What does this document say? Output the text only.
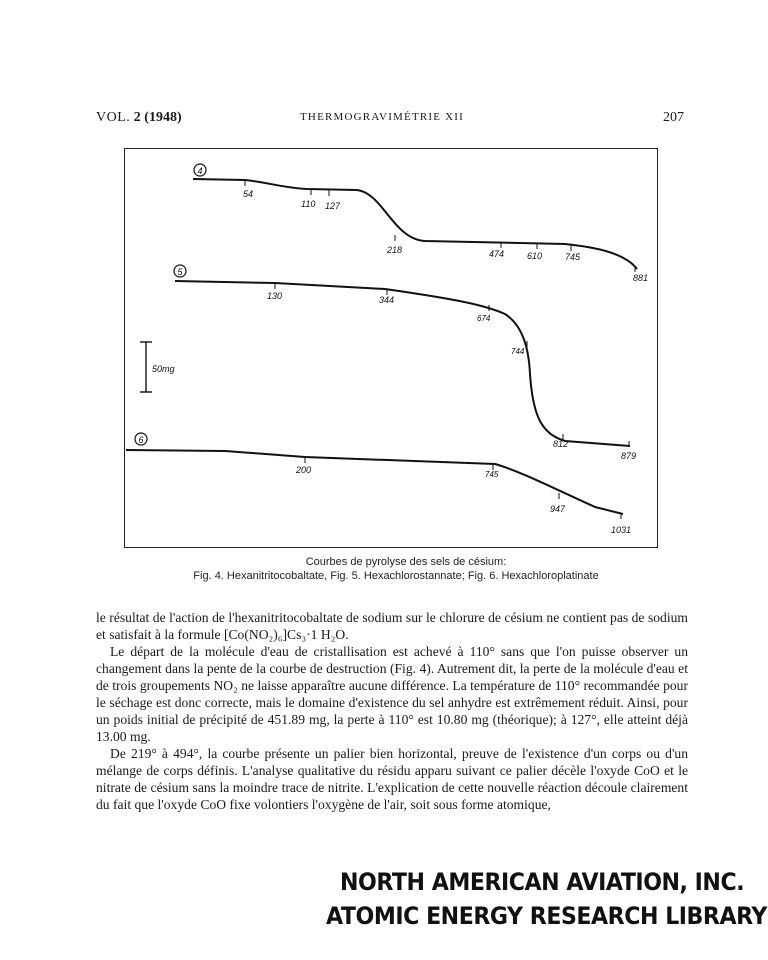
VOL. 2 (1948)	THERMOGRAVIMÉTRIE XII	207
4
54
110 127
218	474	610	745
881
5
130	344
674
744
812
879
50mg
6
200	745
947
1031
Courbes de pyrolyse des sels de césium:
Fig. 4. Hexanitritocobaltate, Fig. 5. Hexachlorostannate; Fig. 6. Hexachloroplatinate

le résultat de l'action de l'hexanitritocobaltate de sodium sur le chlorure de césium ne contient pas de sodium et satisfait à la formule [Co(NO₂)₆]Cs₃·1 H₂O.

Le départ de la molécule d'eau de cristallisation est achevé à 110° sans que l'on puisse observer un changement dans la pente de la courbe de destruction (Fig. 4). Autrement dit, la perte de la molécule d'eau et de trois groupements NO₂ ne laisse apparaître aucune différence. La température de 110° recommandée pour le séchage est donc correcte, mais le domaine d'existence du sel anhydre est extrêmement réduit. Ainsi, pour un poids initial de précipité de 451.89 mg, la perte à 110° est 10.80 mg (théorique); à 127°, elle atteint déjà 13.00 mg.

De 219° à 494°, la courbe présente un palier bien horizontal, preuve de l'existence d'un corps ou d'un mélange de corps définis. L'analyse qualitative du résidu apparu suivant ce palier décèle l'oxyde CoO et le nitrate de césium sans la moindre trace de nitrite. L'explication de cette nouvelle réaction découle clairement du fait que l'oxyde CoO fixe volontiers l'oxygène de l'air, soit sous forme atomique,

NORTH AMERICAN AVIATION, INC.
ATOMIC ENERGY RESEARCH LIBRARY
